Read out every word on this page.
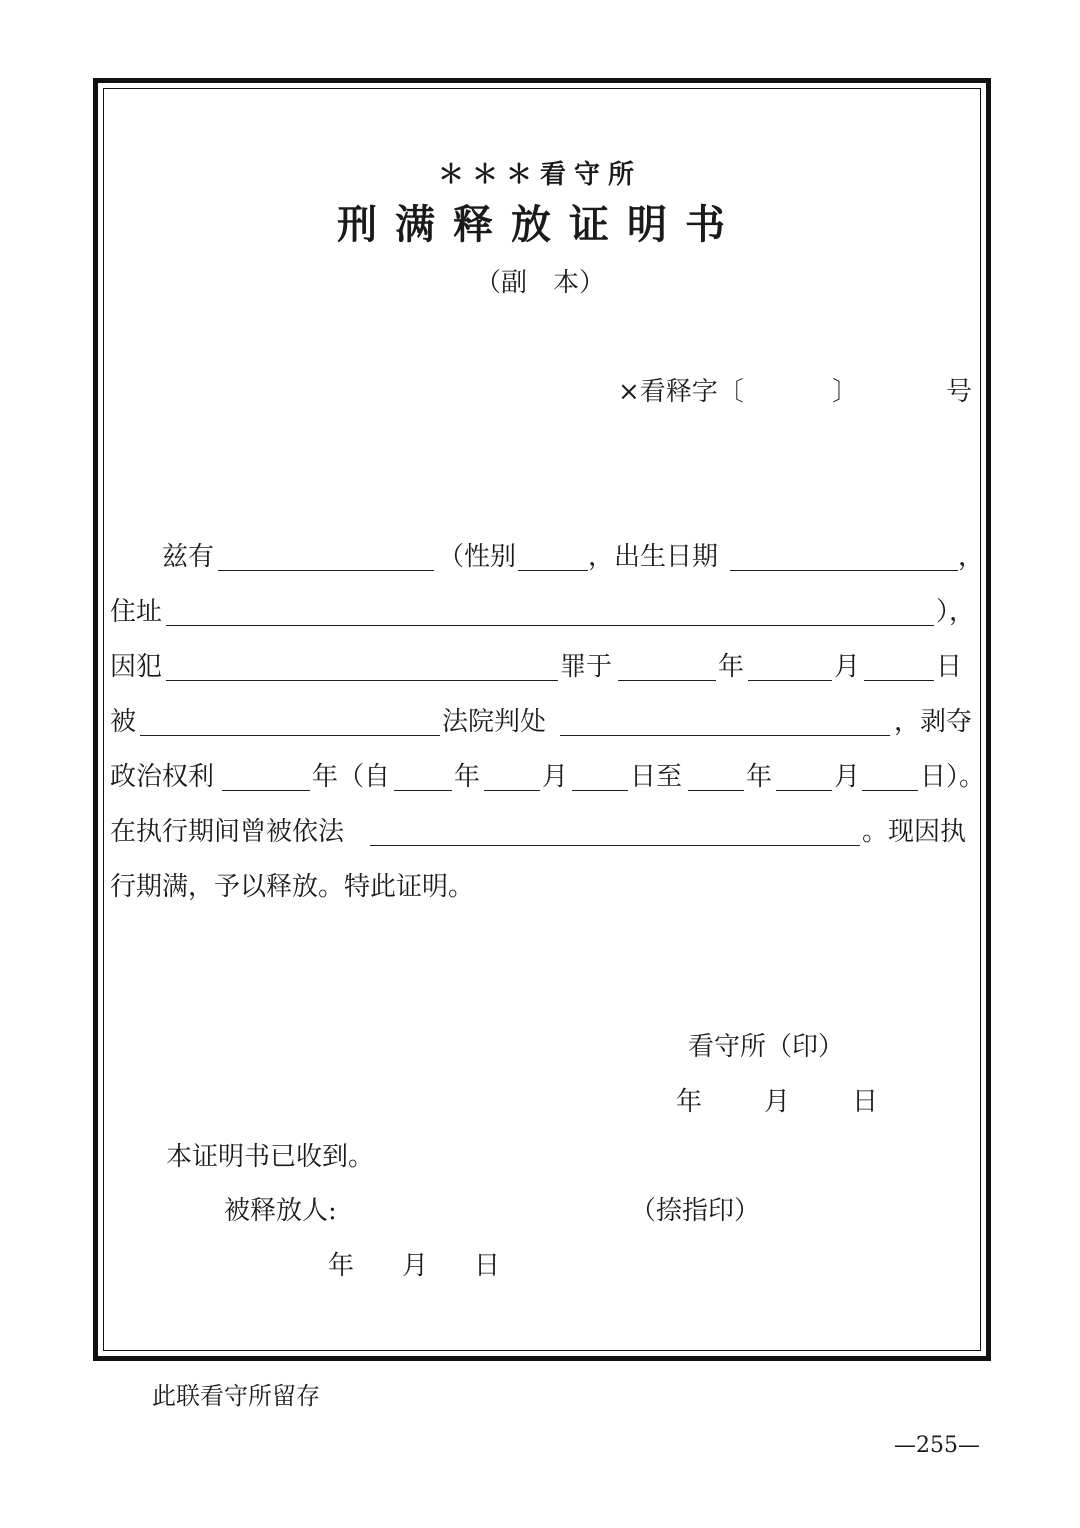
＊＊＊看守所
刑满释放证明书
（副　本）
×看释字〔	〕	号
兹有	（性别	，出生日期	，
住址	），
因犯	罪于	年	月	日
被	法院判处	，剥夺
政治权利	年（自 年 月 日至 年 月 日）。
在执行期间曾被依法	。现因执
行期满，予以释放。特此证明。
看守所（印）
年 月 日
本证明书已收到。
被释放人:	（捺指印）
年 月 日
此联看守所留存
—255—
